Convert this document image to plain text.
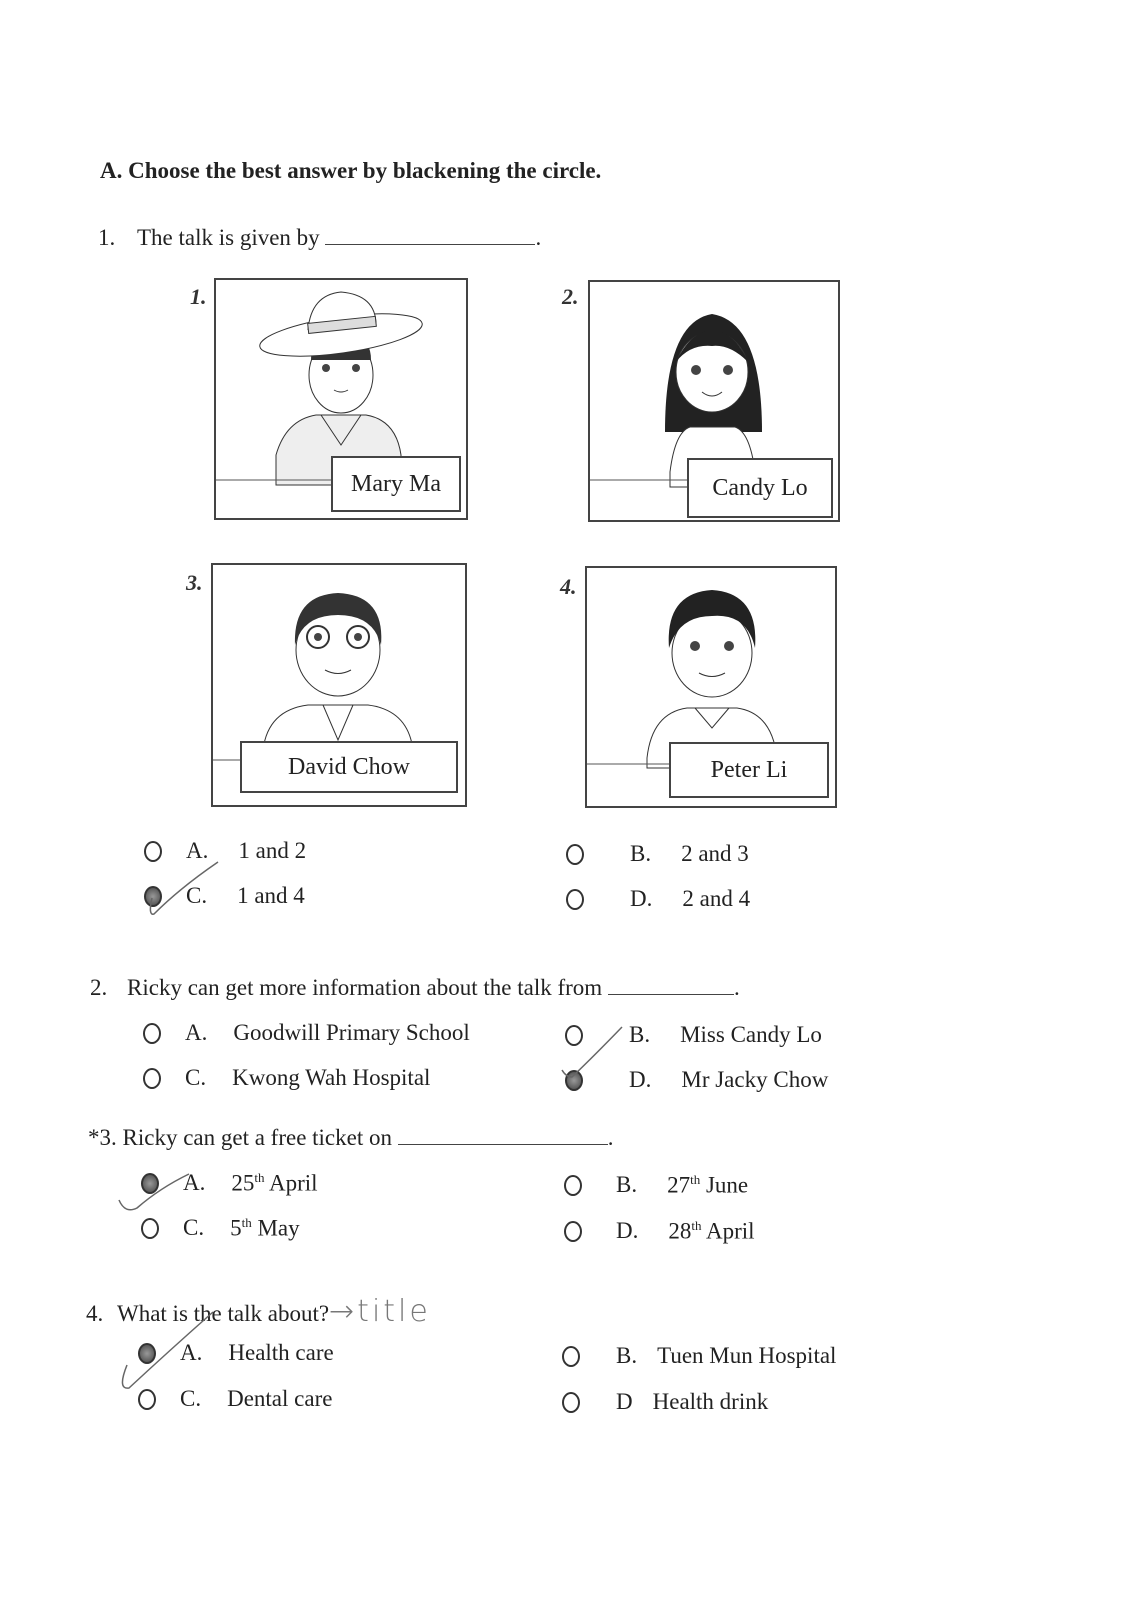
A. Choose the best answer by blackening the circle.
1. The talk is given by	.
1.
Mary Ma
2.
Candy Lo
3.
David Chow
4.
Peter Li
A. 1 and 2	B. 2 and 3
C. 1 and 4	D. 2 and 4
2. Ricky can get more information about the talk from	.
A. Goodwill Primary School	B. Miss Candy Lo
C. Kwong Wah Hospital	D. Mr Jacky Chow
*3. Ricky can get a free ticket on	.
A. 25th April	B. 27th June
C. 5th May	D. 28th April
4. What is the talk about?→title
A. Health care	B. Tuen Mun Hospital
C. Dental care	D Health drink
